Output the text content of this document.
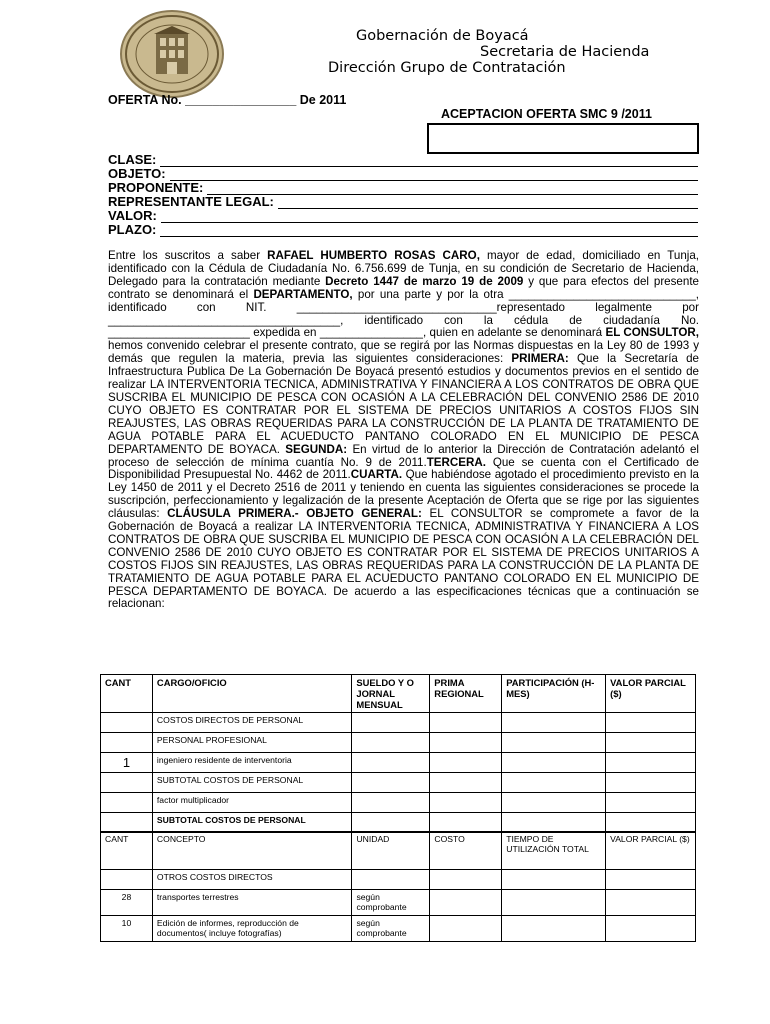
Gobernación de Boyacá
Secretaria de Hacienda
Dirección Grupo de Contratación
OFERTA No. ________________ De 2011
ACEPTACION OFERTA SMC 9 /2011
CLASE:
OBJETO:
PROPONENTE:
REPRESENTANTE LEGAL:
VALOR:
PLAZO:
Entre los suscritos a saber RAFAEL HUMBERTO ROSAS CARO, mayor de edad, domiciliado en Tunja, identificado con la Cédula de Ciudadanía No. 6.756.699 de Tunja, en su condición de Secretario de Hacienda, Delegado para la contratación mediante Decreto 1447 de marzo 19 de 2009 y que para efectos del presente contrato se denominará el DEPARTAMENTO, por una parte y por la otra _____________________________, identificado con NIT. _______________________________representado legalmente por ____________________________________, identificado con la cédula de ciudadanía No. ______________________ expedida en ________________, quien en adelante se denominará EL CONSULTOR, hemos convenido celebrar el presente contrato, que se regirá por las Normas dispuestas en la Ley 80 de 1993 y demás que regulen la materia, previa las siguientes consideraciones: PRIMERA: Que la Secretaría de Infraestructura Publica De La Gobernación De Boyacá presentó estudios y documentos previos en el sentido de realizar LA INTERVENTORIA TECNICA, ADMINISTRATIVA Y FINANCIERA A LOS CONTRATOS DE OBRA QUE SUSCRIBA EL MUNICIPIO DE PESCA CON OCASIÓN A LA CELEBRACIÓN DEL CONVENIO 2586 DE 2010 CUYO OBJETO ES CONTRATAR POR EL SISTEMA DE PRECIOS UNITARIOS A COSTOS FIJOS SIN REAJUSTES, LAS OBRAS REQUERIDAS PARA LA CONSTRUCCIÓN DE LA PLANTA DE TRATAMIENTO DE AGUA POTABLE PARA EL ACUEDUCTO PANTANO COLORADO EN EL MUNICIPIO DE PESCA DEPARTAMENTO DE BOYACA. SEGUNDA: En virtud de lo anterior la Dirección de Contratación adelantó el proceso de selección de mínima cuantía No. 9 de 2011.TERCERA. Que se cuenta con el Certificado de Disponibilidad Presupuestal No. 4462 de 2011.CUARTA. Que habiéndose agotado el procedimiento previsto en la Ley 1450 de 2011 y el Decreto 2516 de 2011 y teniendo en cuenta las siguientes consideraciones se procede la suscripción, perfeccionamiento y legalización de la presente Aceptación de Oferta que se rige por las siguientes cláusulas: CLÁUSULA PRIMERA.- OBJETO GENERAL: EL CONSULTOR se compromete a favor de la Gobernación de Boyacá a realizar LA INTERVENTORIA TECNICA, ADMINISTRATIVA Y FINANCIERA A LOS CONTRATOS DE OBRA QUE SUSCRIBA EL MUNICIPIO DE PESCA CON OCASIÓN A LA CELEBRACIÓN DEL CONVENIO 2586 DE 2010 CUYO OBJETO ES CONTRATAR POR EL SISTEMA DE PRECIOS UNITARIOS A COSTOS FIJOS SIN REAJUSTES, LAS OBRAS REQUERIDAS PARA LA CONSTRUCCIÓN DE LA PLANTA DE TRATAMIENTO DE AGUA POTABLE PARA EL ACUEDUCTO PANTANO COLORADO EN EL MUNICIPIO DE PESCA DEPARTAMENTO DE BOYACA. De acuerdo a las especificaciones técnicas que a continuación se relacionan:
CANT	CARGO/OFICIO	SUELDO Y O JORNAL MENSUAL	PRIMA REGIONAL	PARTICIPACIÓN (H-MES)	VALOR PARCIAL ($)
	COSTOS DIRECTOS DE PERSONAL				
	PERSONAL PROFESIONAL				
1	ingeniero residente de interventoria				
	SUBTOTAL COSTOS DE PERSONAL				
	factor multiplicador				
	SUBTOTAL COSTOS DE PERSONAL				
CANT	CONCEPTO	UNIDAD	COSTO	TIEMPO DE UTILIZACIÓN TOTAL	VALOR PARCIAL ($)
	OTROS COSTOS DIRECTOS				
28	transportes terrestres	según comprobante			
10	Edición de informes, reproducción de documentos( incluye fotografías)	según comprobante			
